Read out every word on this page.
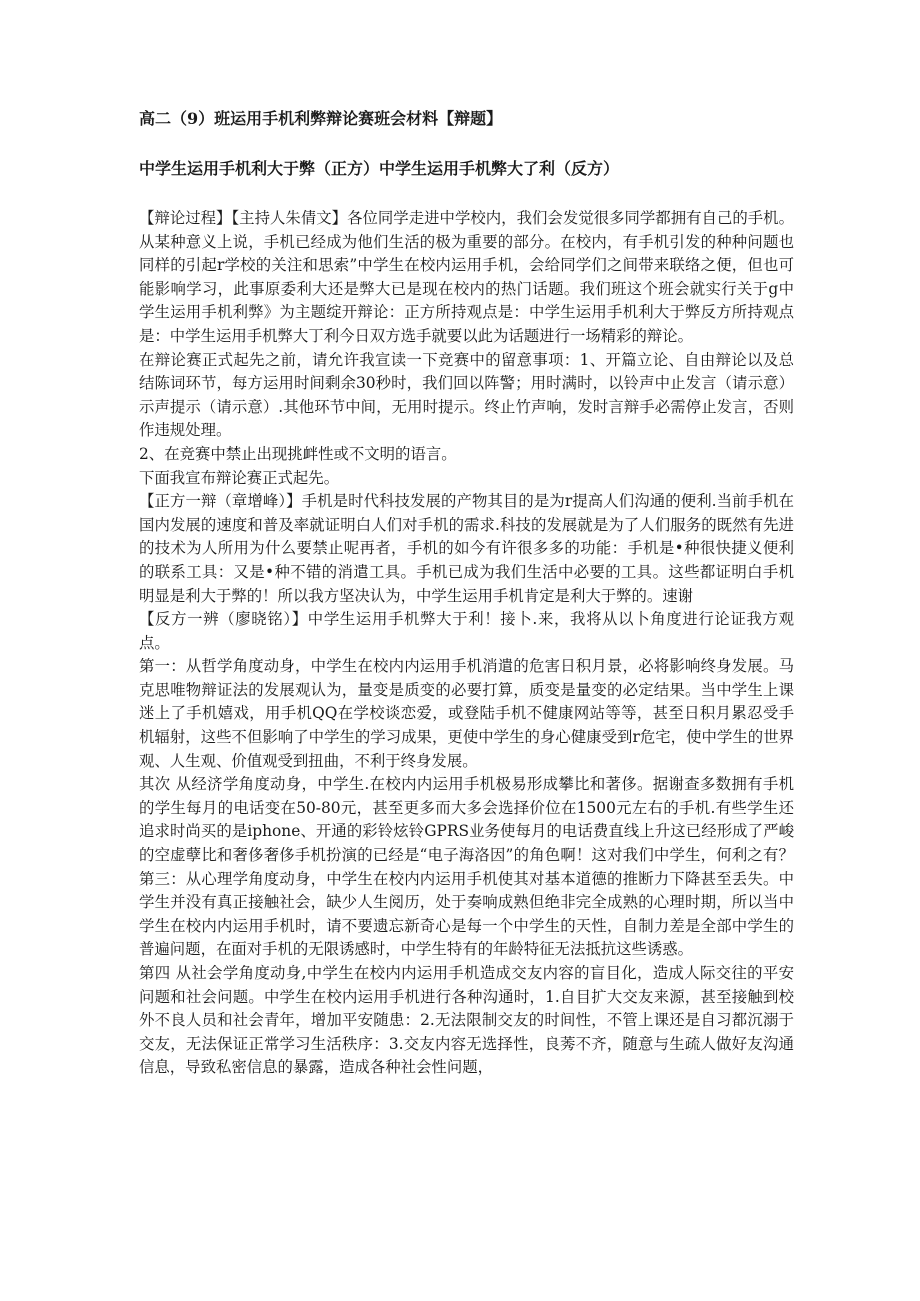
高二（9）班运用手机利弊辩论赛班会材料【辩题】
中学生运用手机利大于弊（正方）中学生运用手机弊大了利（反方）

【辩论过程】【主持人朱倩文】各位同学走进中学校内，我们会发觉很多同学都拥有自己的手机。从某种意义上说，手机已经成为他们生活的极为重要的部分。在校内，有手机引发的种种问题也同样的引起r学校的关注和思索”中学生在校内运用手机，会给同学们之间带来联络之便，但也可能影响学习，此事原委利大还是弊大已是现在校内的热门话题。我们班这个班会就实行关于g中学生运用手机利弊》为主题绽开辩论：正方所持观点是：中学生运用手机利大于弊反方所持观点是：中学生运用手机弊大丁利今日双方选手就要以此为话题进行一场精彩的辩论。

在辩论赛正式起先之前，请允许我宣读一下竞赛中的留意事项：1、开篇立论、自由辩论以及总结陈词环节，每方运用时间剩余30秒时，我们回以阵警；用时满时，以铃声中止发言（请示意）示声提示（请示意）.其他环节中间，无用时提示。终止竹声响，发时言辩手必需停止发言，否则作违规处理。

2、在竞赛中禁止出现挑衅性或不文明的语言。

下面我宣布辩论赛正式起先。

【正方一辩（章增峰）】手机是时代科技发展的产物其目的是为r提高人们沟通的便利.当前手机在国内发展的速度和普及率就证明白人们对手机的需求.科技的发展就是为了人们服务的既然有先进的技术为人所用为什么要禁止呢再者，手机的如今有许很多多的功能：手机是•种很快捷义便利的联系工具：又是•种不错的消遣工具。手机已成为我们生活中必要的工具。这些都证明白手机明显是利大于弊的！所以我方坚决认为，中学生运用手机肯定是利大于弊的。速谢

【反方一辨（廖晓铭）】中学生运用手机弊大于利！接卜.来，我将从以卜角度进行论证我方观点。

第一：从哲学角度动身，中学生在校内内运用手机消遣的危害日积月景，必将影响终身发展。马克思唯物辩证法的发展观认为，量变是质变的必要打算，质变是量变的必定结果。当中学生上课迷上了手机嬉戏，用手机QQ在学校谈恋爱，或登陆手机不健康网站等等，甚至日积月累忍受手机辐射，这些不但影响了中学生的学习成果，更使中学生的身心健康受到r危宅，使中学生的世界观、人生观、价值观受到扭曲，不利于终身发展。

其次 从经济学角度动身，中学生.在校内内运用手机极易形成攀比和著侈。据谢查多数拥有手机的学生每月的电话变在50-80元，甚至更多而大多会选择价位在1500元左右的手机.有些学生还追求时尚买的是iphone、开通的彩铃炫铃GPRS业务使每月的电话费直线上升这已经形成了严峻的空虚孽比和奢侈奢侈手机扮演的已经是“电子海洛因”的角色啊！这对我们中学生，何利之有？第三：从心理学角度动身，中学生在校内内运用手机使其对基本道德的推断力下降甚至丢失。中学生并没有真正接触社会，缺少人生阅历，处于奏响成熟但绝非完全成熟的心理时期，所以当中学生在校内内运用手机时，请不要遗忘新奇心是每一个中学生的天性，自制力差是全部中学生的普遍问题，在面对手机的无限诱感时，中学生特有的年龄特征无法抵抗这些诱惑。

第四 从社会学角度动身,中学生在校内内运用手机造成交友内容的盲目化，造成人际交往的平安问题和社会问题。中学生在校内运用手机进行各种沟通时，1.自目扩大交友来源，甚至接触到校外不良人员和社会青年，增加平安随患：2.无法限制交友的时间性，不管上课还是自习都沉溺于交友，无法保证正常学习生活秩序：3.交友内容无选择性，良莠不齐，随意与生疏人做好友沟通信息，导致私密信息的暴露，造成各种社会性问题，
